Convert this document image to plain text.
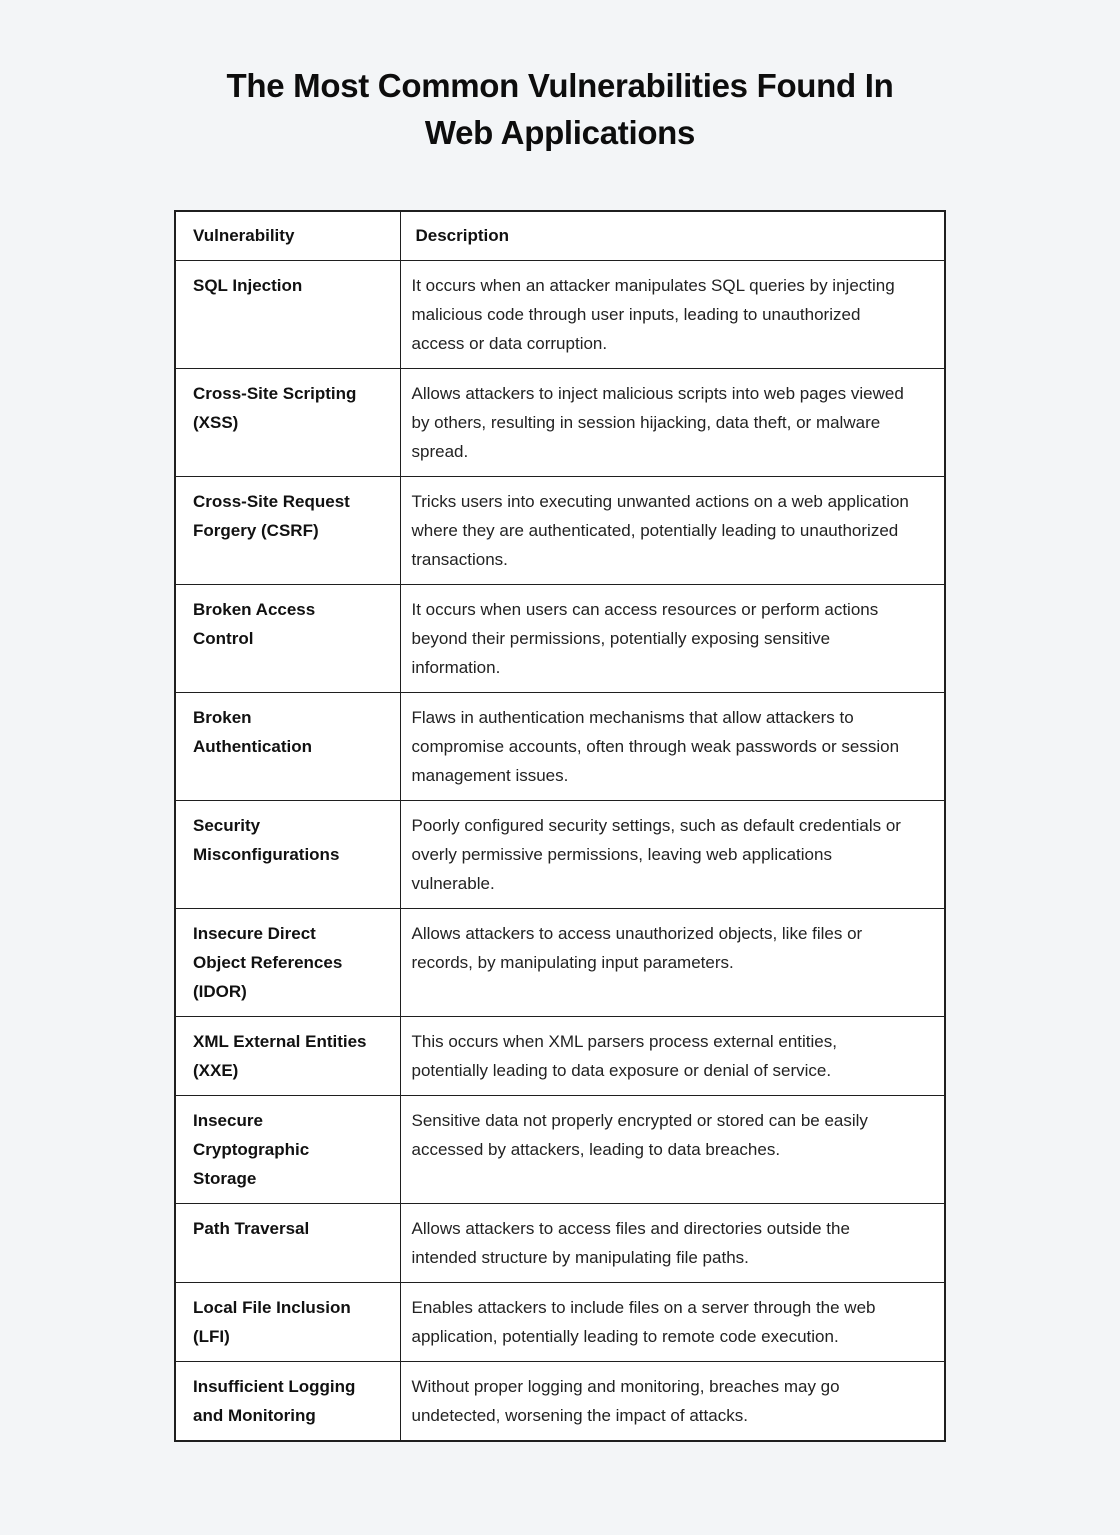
The Most Common Vulnerabilities Found In Web Applications
Vulnerability	Description
SQL Injection	It occurs when an attacker manipulates SQL queries by injecting malicious code through user inputs, leading to unauthorized access or data corruption.
Cross-Site Scripting (XSS)	Allows attackers to inject malicious scripts into web pages viewed by others, resulting in session hijacking, data theft, or malware spread.
Cross-Site Request Forgery (CSRF)	Tricks users into executing unwanted actions on a web application where they are authenticated, potentially leading to unauthorized transactions.
Broken Access Control	It occurs when users can access resources or perform actions beyond their permissions, potentially exposing sensitive information.
Broken Authentication	Flaws in authentication mechanisms that allow attackers to compromise accounts, often through weak passwords or session management issues.
Security Misconfigurations	Poorly configured security settings, such as default credentials or overly permissive permissions, leaving web applications vulnerable.
Insecure Direct Object References (IDOR)	Allows attackers to access unauthorized objects, like files or records, by manipulating input parameters.
XML External Entities (XXE)	This occurs when XML parsers process external entities, potentially leading to data exposure or denial of service.
Insecure Cryptographic Storage	Sensitive data not properly encrypted or stored can be easily accessed by attackers, leading to data breaches.
Path Traversal	Allows attackers to access files and directories outside the intended structure by manipulating file paths.
Local File Inclusion (LFI)	Enables attackers to include files on a server through the web application, potentially leading to remote code execution.
Insufficient Logging and Monitoring	Without proper logging and monitoring, breaches may go undetected, worsening the impact of attacks.
